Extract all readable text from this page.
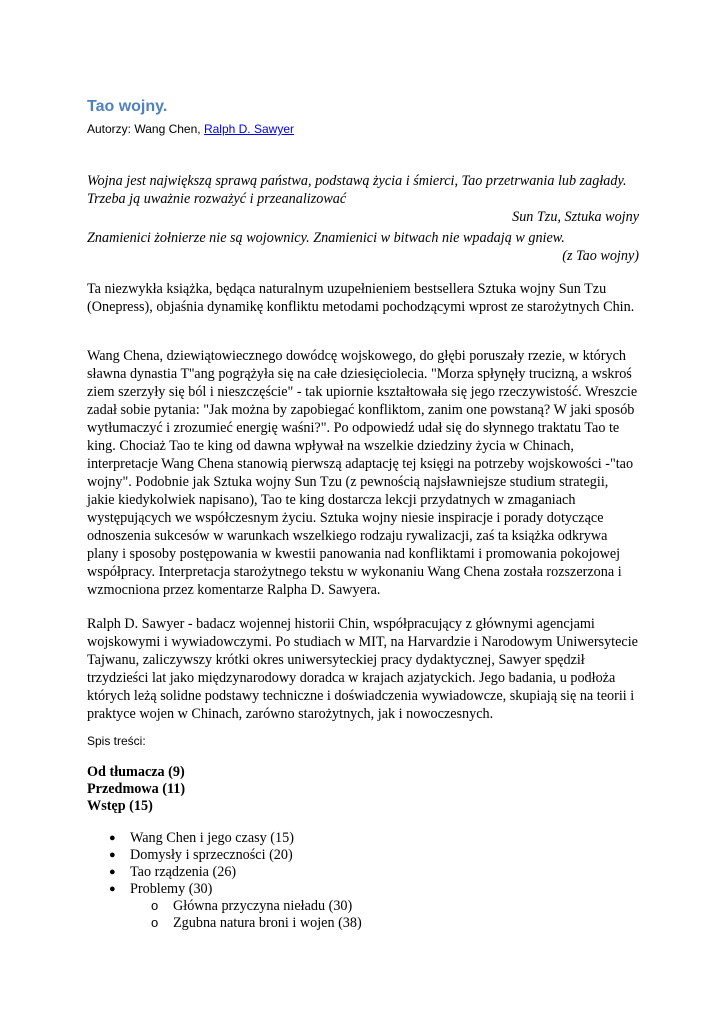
Tao wojny.
Autorzy: Wang Chen, Ralph D. Sawyer
Wojna jest największą sprawą państwa, podstawą życia i śmierci, Tao przetrwania lub zagłady. Trzeba ją uważnie rozważyć i przeanalizować
Sun Tzu, Sztuka wojny
Znamienici żołnierze nie są wojownicy. Znamienici w bitwach nie wpadają w gniew.
(z Tao wojny)
Ta niezwykła książka, będąca naturalnym uzupełnieniem bestsellera Sztuka wojny Sun Tzu (Onepress), objaśnia dynamikę konfliktu metodami pochodzącymi wprost ze starożytnych Chin.
Wang Chena, dziewiątowiecznego dowódcę wojskowego, do głębi poruszały rzezie, w których sławna dynastia T''ang pogrążyła się na całe dziesięciolecia. "Morza spłynęły trucizną, a wskroś ziem szerzyły się ból i nieszczęście" - tak upiornie kształtowała się jego rzeczywistość. Wreszcie zadał sobie pytania: "Jak można by zapobiegać konfliktom, zanim one powstaną? W jaki sposób wytłumaczyć i zrozumieć energię waśni?". Po odpowiedź udał się do słynnego traktatu Tao te king. Chociaż Tao te king od dawna wpływał na wszelkie dziedziny życia w Chinach, interpretacje Wang Chena stanowią pierwszą adaptację tej księgi na potrzeby wojskowości -"tao wojny". Podobnie jak Sztuka wojny Sun Tzu (z pewnością najsławniejsze studium strategii, jakie kiedykolwiek napisano), Tao te king dostarcza lekcji przydatnych w zmaganiach występujących we współczesnym życiu. Sztuka wojny niesie inspiracje i porady dotyczące odnoszenia sukcesów w warunkach wszelkiego rodzaju rywalizacji, zaś ta książka odkrywa plany i sposoby postępowania w kwestii panowania nad konfliktami i promowania pokojowej współpracy. Interpretacja starożytnego tekstu w wykonaniu Wang Chena została rozszerzona i wzmocniona przez komentarze Ralpha D. Sawyera.
Ralph D. Sawyer - badacz wojennej historii Chin, współpracujący z głównymi agencjami wojskowymi i wywiadowczymi. Po studiach w MIT, na Harvardzie i Narodowym Uniwersytecie Tajwanu, zaliczywszy krótki okres uniwersyteckiej pracy dydaktycznej, Sawyer spędził trzydzieści lat jako międzynarodowy doradca w krajach azjatyckich. Jego badania, u podłoża których leżą solidne podstawy techniczne i doświadczenia wywiadowcze, skupiają się na teorii i praktyce wojen w Chinach, zarówno starożytnych, jak i nowoczesnych.
Spis treści:
Od tłumacza (9)
Przedmowa (11)
Wstęp (15)
● Wang Chen i jego czasy (15)
● Domysły i sprzeczności (20)
● Tao rządzenia (26)
● Problemy (30)
o Główna przyczyna nieładu (30)
o Zgubna natura broni i wojen (38)
